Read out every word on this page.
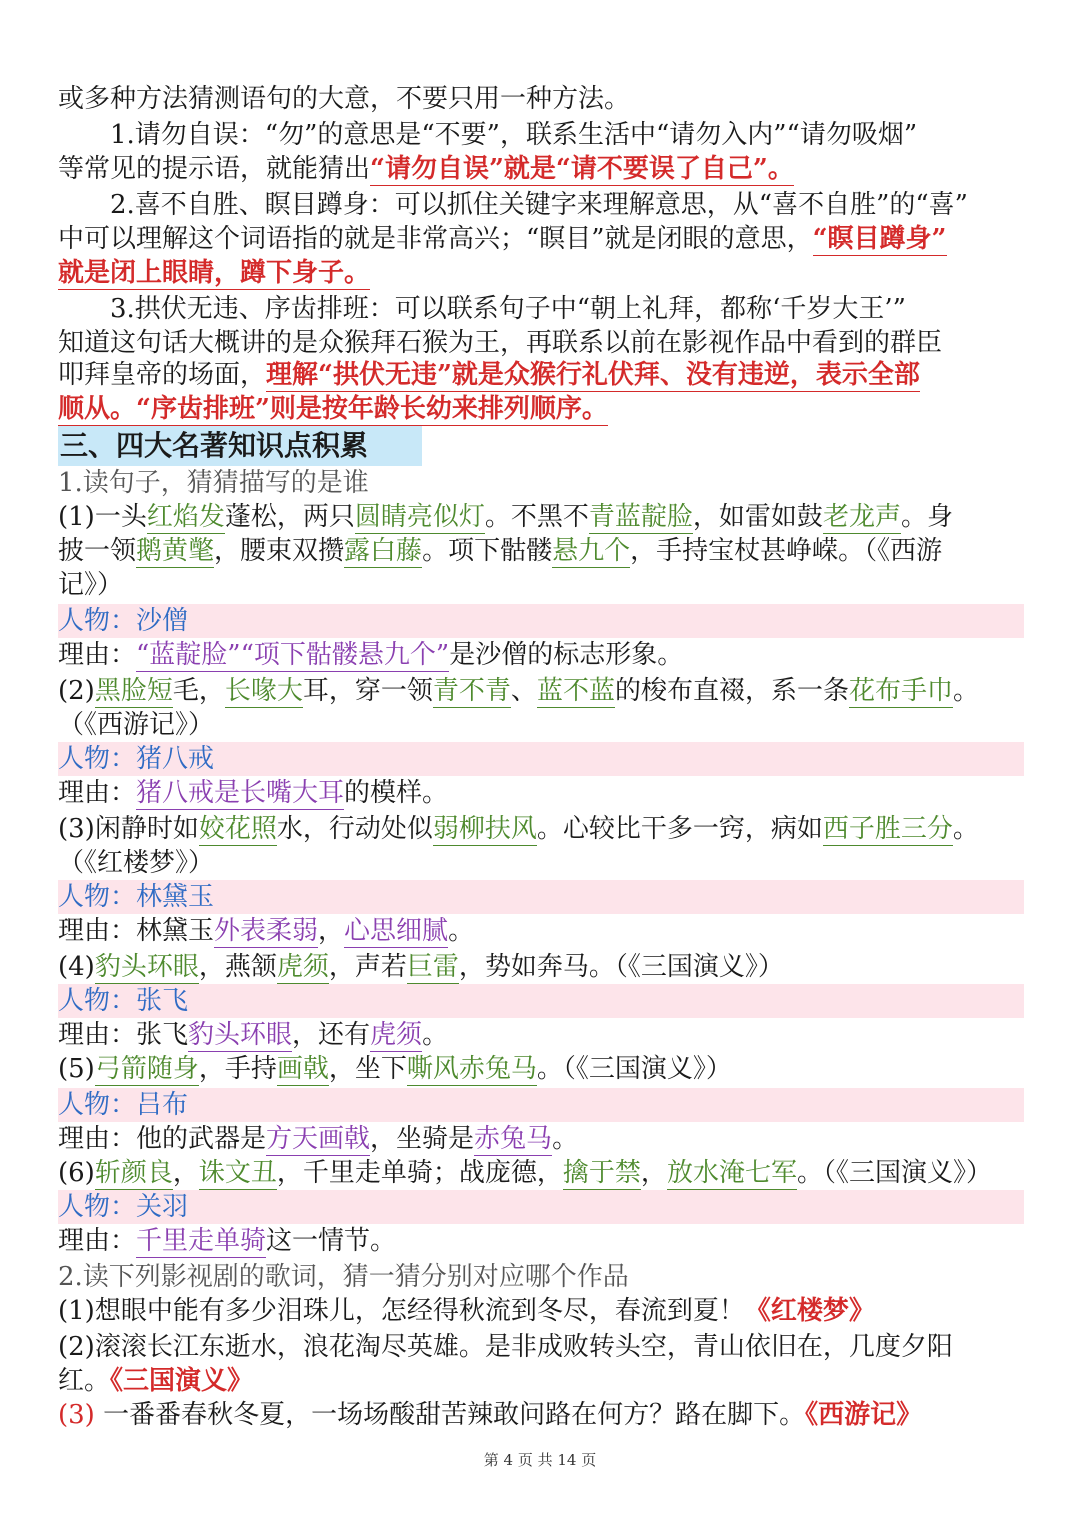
或多种方法猜测语句的大意，不要只用一种方法。
1.请勿自误：“勿”的意思是“不要”，联系生活中“请勿入内”“请勿吸烟”
等常见的提示语，就能猜出“请勿自误”就是“请不要误了自己”。
2.喜不自胜、瞑目蹲身：可以抓住关键字来理解意思，从“喜不自胜”的“喜”
中可以理解这个词语指的就是非常高兴；“瞑目”就是闭眼的意思，“瞑目蹲身”
就是闭上眼睛，蹲下身子。
3.拱伏无违、序齿排班：可以联系句子中“朝上礼拜，都称‘千岁大王’”
知道这句话大概讲的是众猴拜石猴为王，再联系以前在影视作品中看到的群臣
叩拜皇帝的场面，理解“拱伏无违”就是众猴行礼伏拜、没有违逆，表示全部
顺从。“序齿排班”则是按年龄长幼来排列顺序。
三、四大名著知识点积累
1.读句子，猜猜描写的是谁
(1)一头红焰发蓬松，两只圆睛亮似灯。不黑不青蓝靛脸，如雷如鼓老龙声。身
披一领鹅黄氅，腰束双攒露白藤。项下骷髅悬九个，手持宝杖甚峥嵘。（《西游
记》）
人物：沙僧
理由：“蓝靛脸”“项下骷髅悬九个”是沙僧的标志形象。
(2)黑脸短毛，长喙大耳，穿一领青不青、蓝不蓝的梭布直裰，系一条花布手巾。
（《西游记》）
人物：猪八戒
理由：猪八戒是长嘴大耳的模样。
(3)闲静时如姣花照水，行动处似弱柳扶风。心较比干多一窍，病如西子胜三分。
（《红楼梦》）
人物：林黛玉
理由：林黛玉外表柔弱，心思细腻。
(4)豹头环眼，燕颔虎须，声若巨雷，势如奔马。（《三国演义》）
人物：张飞
理由：张飞豹头环眼，还有虎须。
(5)弓箭随身，手持画戟，坐下嘶风赤兔马。（《三国演义》）
人物：吕布
理由：他的武器是方天画戟，坐骑是赤兔马。
(6)斩颜良，诛文丑，千里走单骑；战庞德，擒于禁，放水淹七军。（《三国演义》）
人物：关羽
理由：千里走单骑这一情节。
2.读下列影视剧的歌词，猜一猜分别对应哪个作品
(1)想眼中能有多少泪珠儿，怎经得秋流到冬尽，春流到夏！《红楼梦》
(2)滚滚长江东逝水，浪花淘尽英雄。是非成败转头空，青山依旧在，几度夕阳
红。《三国演义》
(3) 一番番春秋冬夏，一场场酸甜苦辣敢问路在何方？路在脚下。《西游记》
第 4 页 共 14 页
